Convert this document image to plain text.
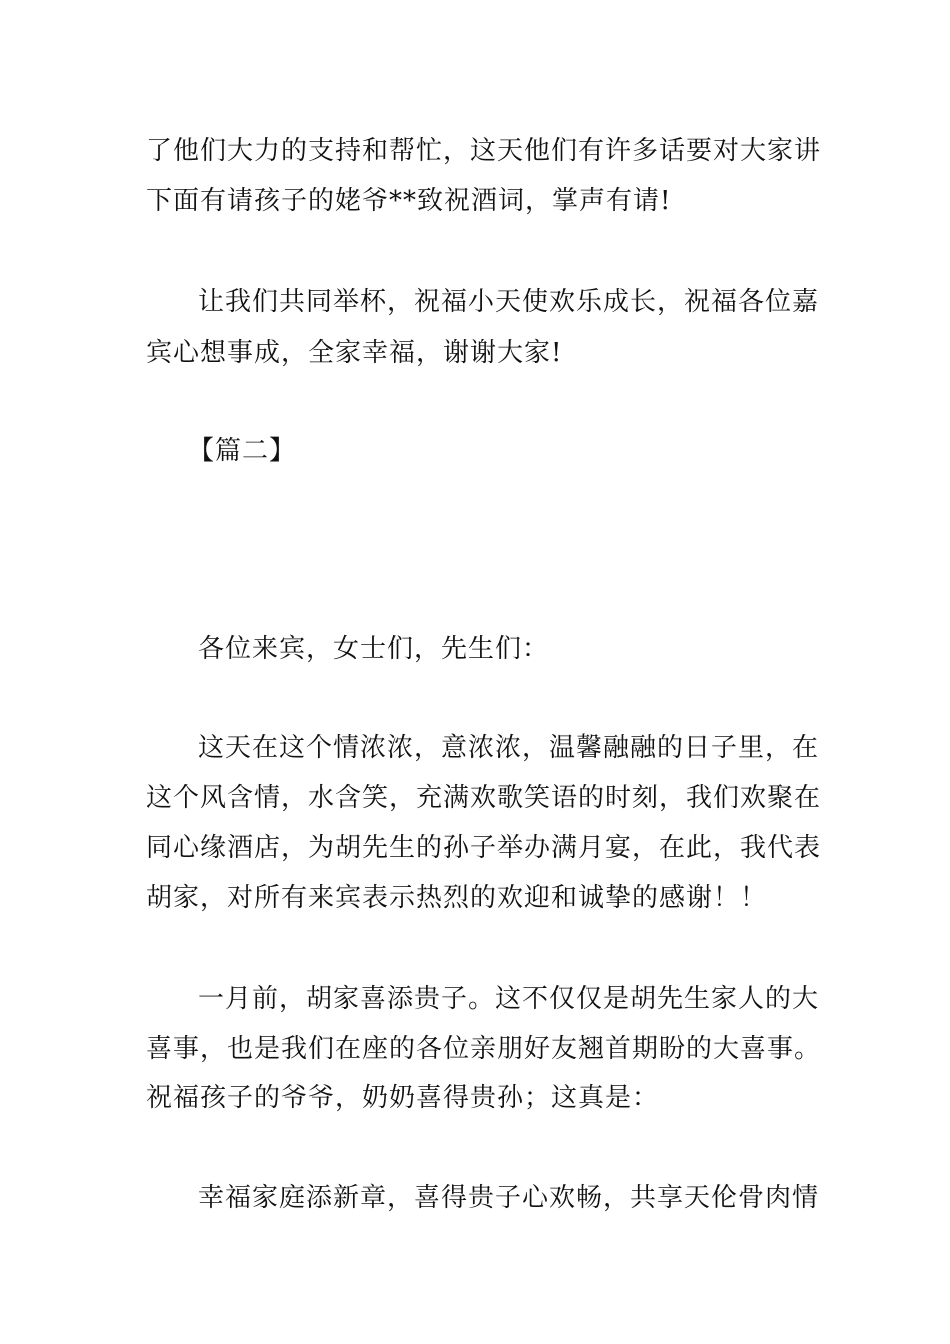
了他们大力的支持和帮忙，这天他们有许多话要对大家讲
下面有请孩子的姥爷**致祝酒词，掌声有请!
让我们共同举杯，祝福小天使欢乐成长，祝福各位嘉
宾心想事成，全家幸福，谢谢大家!
【篇二】
各位来宾，女士们，先生们：
这天在这个情浓浓，意浓浓，温馨融融的日子里，在
这个风含情，水含笑，充满欢歌笑语的时刻，我们欢聚在
同心缘酒店，为胡先生的孙子举办满月宴，在此，我代表
胡家，对所有来宾表示热烈的欢迎和诚挚的感谢！！
一月前，胡家喜添贵子。这不仅仅是胡先生家人的大
喜事，也是我们在座的各位亲朋好友翘首期盼的大喜事。
祝福孩子的爷爷，奶奶喜得贵孙；这真是：
幸福家庭添新章，喜得贵子心欢畅，共享天伦骨肉情
